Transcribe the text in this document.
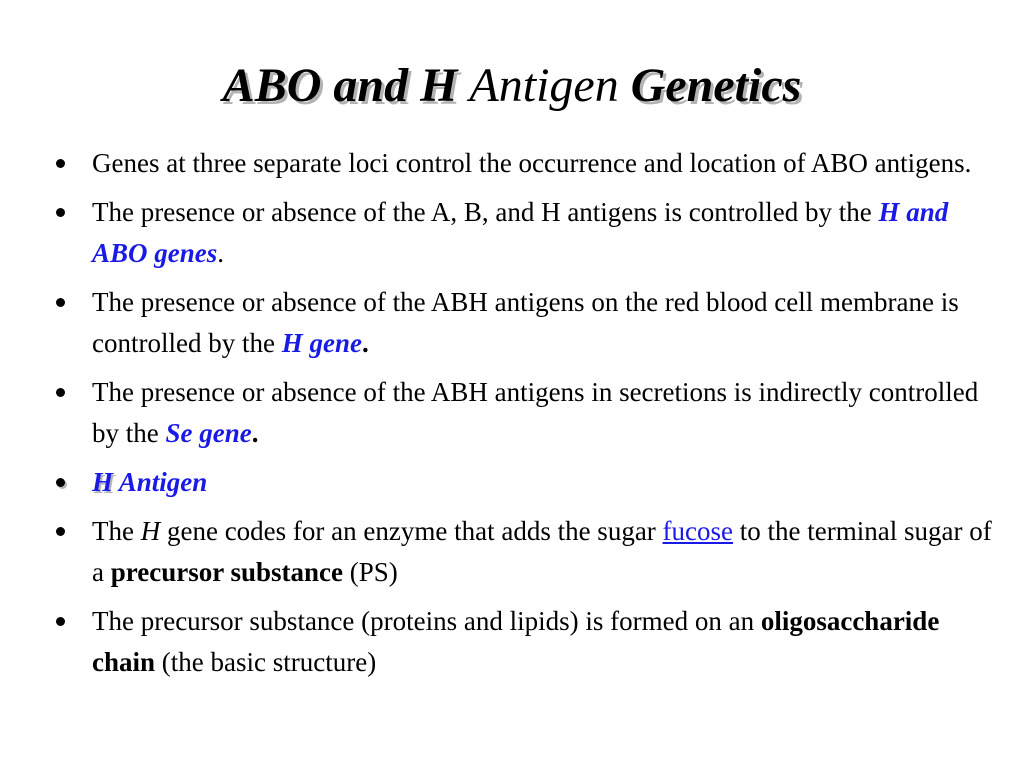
ABO and H Antigen Genetics
Genes at three separate loci control the occurrence and location of ABO antigens.
The presence or absence of the A, B, and H antigens is controlled by the H and ABO genes.
The presence or absence of the ABH antigens on the red blood cell membrane is controlled by the H gene.
The presence or absence of the ABH antigens in secretions is indirectly controlled by the Se gene.
H Antigen
The H gene codes for an enzyme that adds the sugar fucose to the terminal sugar of a precursor substance (PS)
The precursor substance (proteins and lipids) is formed on an oligosaccharide chain (the basic structure)
